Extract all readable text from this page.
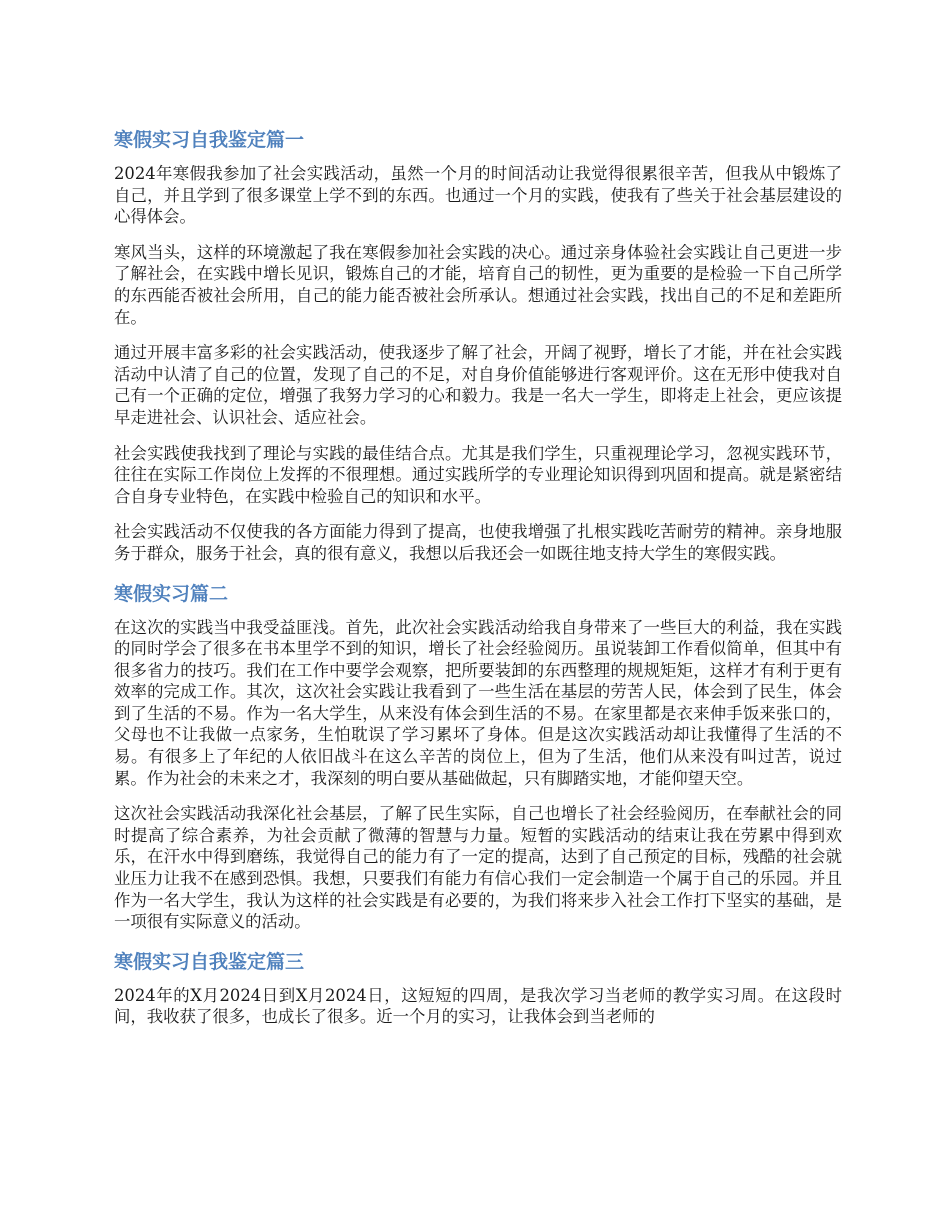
寒假实习自我鉴定篇一

2024年寒假我参加了社会实践活动，虽然一个月的时间活动让我觉得很累很辛苦，但我从中锻炼了自己，并且学到了很多课堂上学不到的东西。也通过一个月的实践，使我有了些关于社会基层建设的心得体会。

寒风当头，这样的环境激起了我在寒假参加社会实践的决心。通过亲身体验社会实践让自己更进一步了解社会，在实践中增长见识，锻炼自己的才能，培育自己的韧性，更为重要的是检验一下自己所学的东西能否被社会所用，自己的能力能否被社会所承认。想通过社会实践，找出自己的不足和差距所在。

通过开展丰富多彩的社会实践活动，使我逐步了解了社会，开阔了视野，增长了才能，并在社会实践活动中认清了自己的位置，发现了自己的不足，对自身价值能够进行客观评价。这在无形中使我对自己有一个正确的定位，增强了我努力学习的心和毅力。我是一名大一学生，即将走上社会，更应该提早走进社会、认识社会、适应社会。

社会实践使我找到了理论与实践的最佳结合点。尤其是我们学生，只重视理论学习，忽视实践环节，往往在实际工作岗位上发挥的不很理想。通过实践所学的专业理论知识得到巩固和提高。就是紧密结合自身专业特色，在实践中检验自己的知识和水平。

社会实践活动不仅使我的各方面能力得到了提高，也使我增强了扎根实践吃苦耐劳的精神。亲身地服务于群众，服务于社会，真的很有意义，我想以后我还会一如既往地支持大学生的寒假实践。

寒假实习篇二

在这次的实践当中我受益匪浅。首先，此次社会实践活动给我自身带来了一些巨大的利益，我在实践的同时学会了很多在书本里学不到的知识，增长了社会经验阅历。虽说装卸工作看似简单，但其中有很多省力的技巧。我们在工作中要学会观察，把所要装卸的东西整理的规规矩矩，这样才有利于更有效率的完成工作。其次，这次社会实践让我看到了一些生活在基层的劳苦人民，体会到了民生，体会到了生活的不易。作为一名大学生，从来没有体会到生活的不易。在家里都是衣来伸手饭来张口的，父母也不让我做一点家务，生怕耽误了学习累坏了身体。但是这次实践活动却让我懂得了生活的不易。有很多上了年纪的人依旧战斗在这么辛苦的岗位上，但为了生活，他们从来没有叫过苦，说过累。作为社会的未来之才，我深刻的明白要从基础做起，只有脚踏实地，才能仰望天空。

这次社会实践活动我深化社会基层，了解了民生实际，自己也增长了社会经验阅历，在奉献社会的同时提高了综合素养，为社会贡献了微薄的智慧与力量。短暂的实践活动的结束让我在劳累中得到欢乐，在汗水中得到磨练，我觉得自己的能力有了一定的提高，达到了自己预定的目标，残酷的社会就业压力让我不在感到恐惧。我想，只要我们有能力有信心我们一定会制造一个属于自己的乐园。并且作为一名大学生，我认为这样的社会实践是有必要的，为我们将来步入社会工作打下坚实的基础，是一项很有实际意义的活动。

寒假实习自我鉴定篇三

2024年的X月2024日到X月2024日，这短短的四周，是我次学习当老师的教学实习周。在这段时间，我收获了很多，也成长了很多。近一个月的实习，让我体会到当老师的
